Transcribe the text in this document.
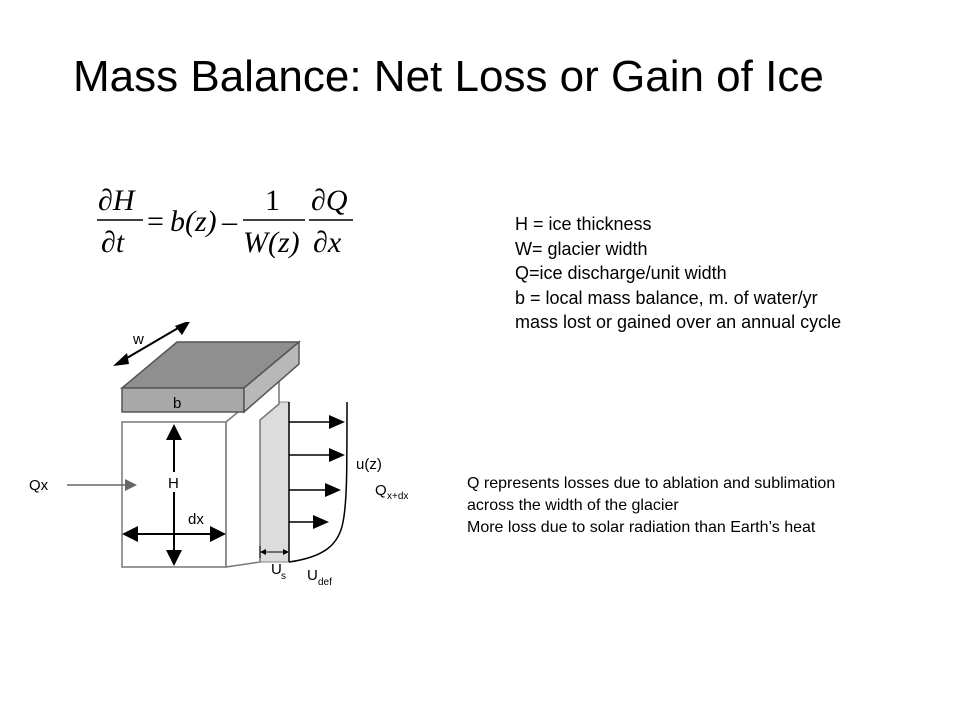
Mass Balance: Net Loss or Gain of Ice
∂H
∂t
= b(z) –
1
W(z)
∂Q
∂x
H = ice thickness
W= glacier width
Q=ice discharge/unit width
b = local mass balance, m. of water/yr
mass lost or gained over an annual cycle
b
w
H
dx
Qx
u(z)
Q x+dx
U s U def
Q represents losses due to ablation and sublimation
across the width of the glacier
More loss due to solar radiation than Earth’s heat
